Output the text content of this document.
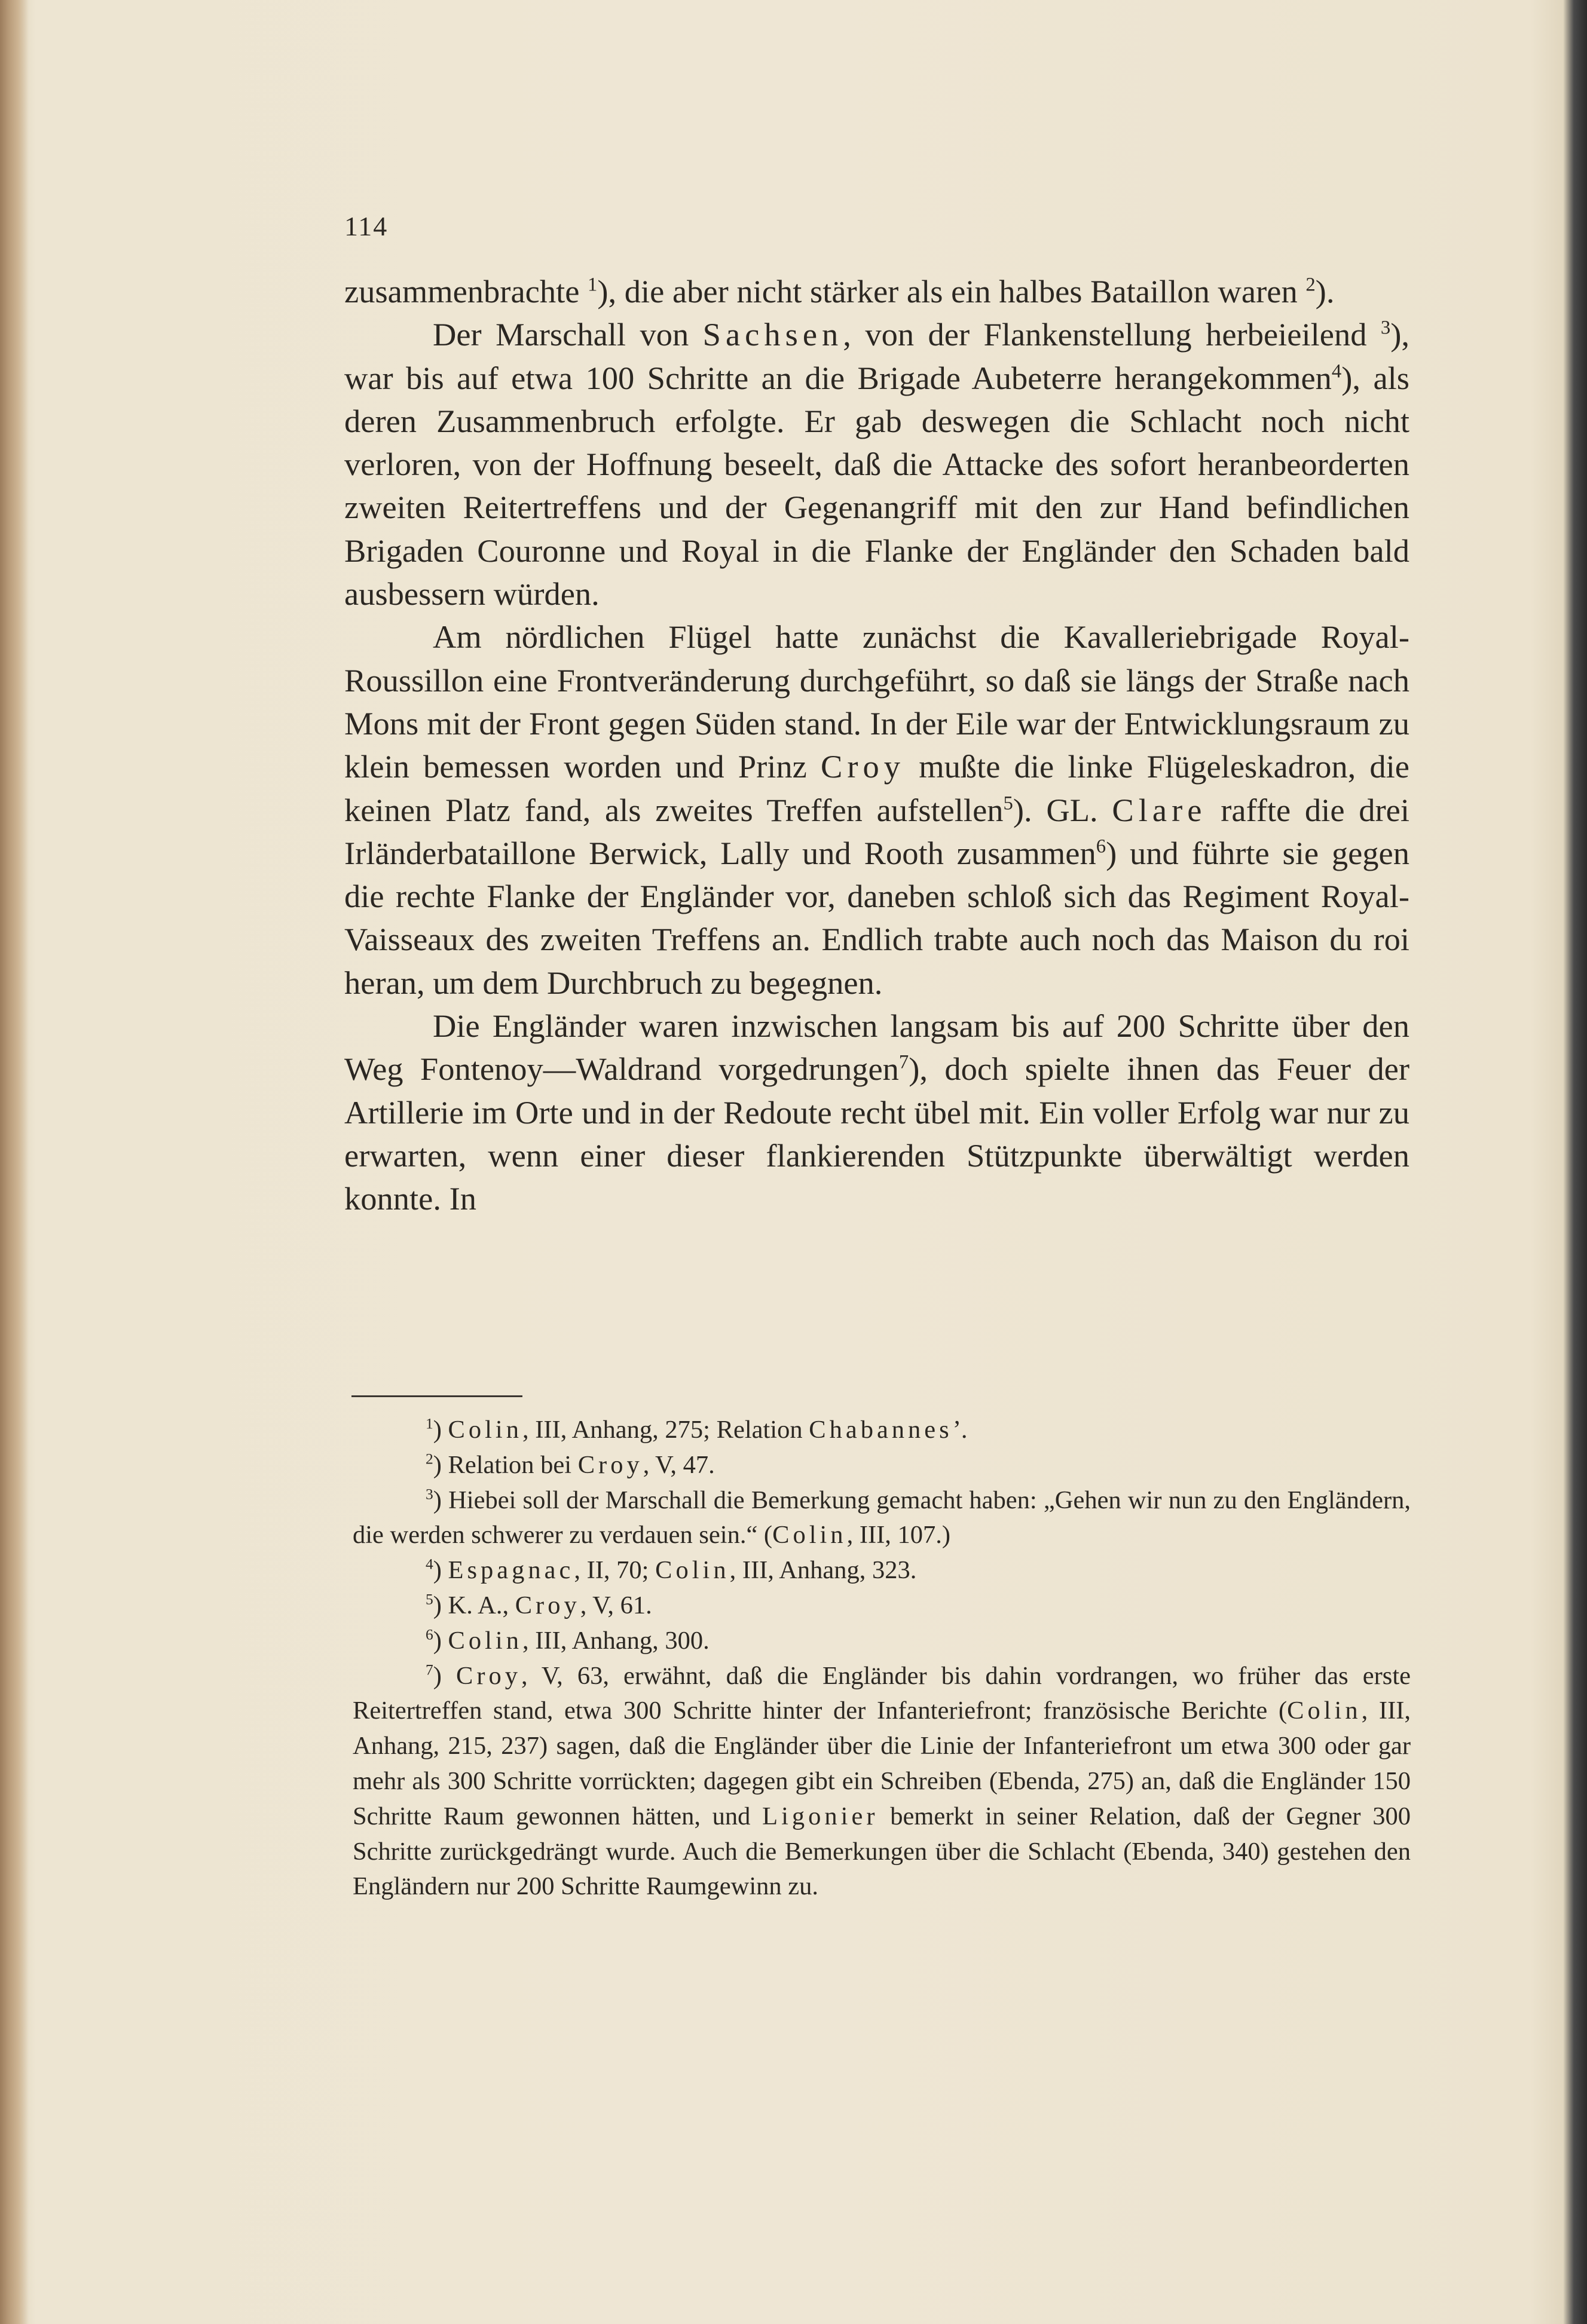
114

zusammenbrachte $^1$), die aber nicht stärker als ein halbes Bataillon waren $^2$).

Der Marschall von Sachsen, von der Flankenstellung herbeieilend $^3$), war bis auf etwa 100 Schritte an die Brigade Aubeterre herangekommen$^4$), als deren Zusammenbruch erfolgte. Er gab deswegen die Schlacht noch nicht verloren, von der Hoffnung beseelt, daß die Attacke des sofort heranbeorderten zweiten Reitertreffens und der Gegenangriff mit den zur Hand befindlichen Brigaden Couronne und Royal in die Flanke der Engländer den Schaden bald ausbessern würden.

Am nördlichen Flügel hatte zunächst die Kavalleriebrigade Royal-Roussillon eine Frontveränderung durchgeführt, so daß sie längs der Straße nach Mons mit der Front gegen Süden stand. In der Eile war der Entwicklungsraum zu klein bemessen worden und Prinz Croy mußte die linke Flügeleskadron, die keinen Platz fand, als zweites Treffen aufstellen$^5$). GL. Clare raffte die drei Irländerbataillone Berwick, Lally und Rooth zusammen$^6$) und führte sie gegen die rechte Flanke der Engländer vor, daneben schloß sich das Regiment Royal-Vaisseaux des zweiten Treffens an. Endlich trabte auch noch das Maison du roi heran, um dem Durchbruch zu begegnen.

Die Engländer waren inzwischen langsam bis auf 200 Schritte über den Weg Fontenoy—Waldrand vorgedrungen$^7$), doch spielte ihnen das Feuer der Artillerie im Orte und in der Redoute recht übel mit. Ein voller Erfolg war nur zu erwarten, wenn einer dieser flankierenden Stützpunkte überwältigt werden konnte. In

$^1$) Colin, III, Anhang, 275; Relation Chabannes’.

$^2$) Relation bei Croy, V, 47.

$^3$) Hiebei soll der Marschall die Bemerkung gemacht haben: „Gehen wir nun zu den Engländern, die werden schwerer zu verdauen sein.“ (Colin, III, 107.)

$^4$) Espagnac, II, 70; Colin, III, Anhang, 323.

$^5$) K. A., Croy, V, 61.

$^6$) Colin, III, Anhang, 300.

$^7$) Croy, V, 63, erwähnt, daß die Engländer bis dahin vordrangen, wo früher das erste Reitertreffen stand, etwa 300 Schritte hinter der Infanteriefront; französische Berichte (Colin, III, Anhang, 215, 237) sagen, daß die Engländer über die Linie der Infanteriefront um etwa 300 oder gar mehr als 300 Schritte vorrückten; dagegen gibt ein Schreiben (Ebenda, 275) an, daß die Engländer 150 Schritte Raum gewonnen hätten, und Ligonier bemerkt in seiner Relation, daß der Gegner 300 Schritte zurückgedrängt wurde. Auch die Bemerkungen über die Schlacht (Ebenda, 340) gestehen den Engländern nur 200 Schritte Raumgewinn zu.
